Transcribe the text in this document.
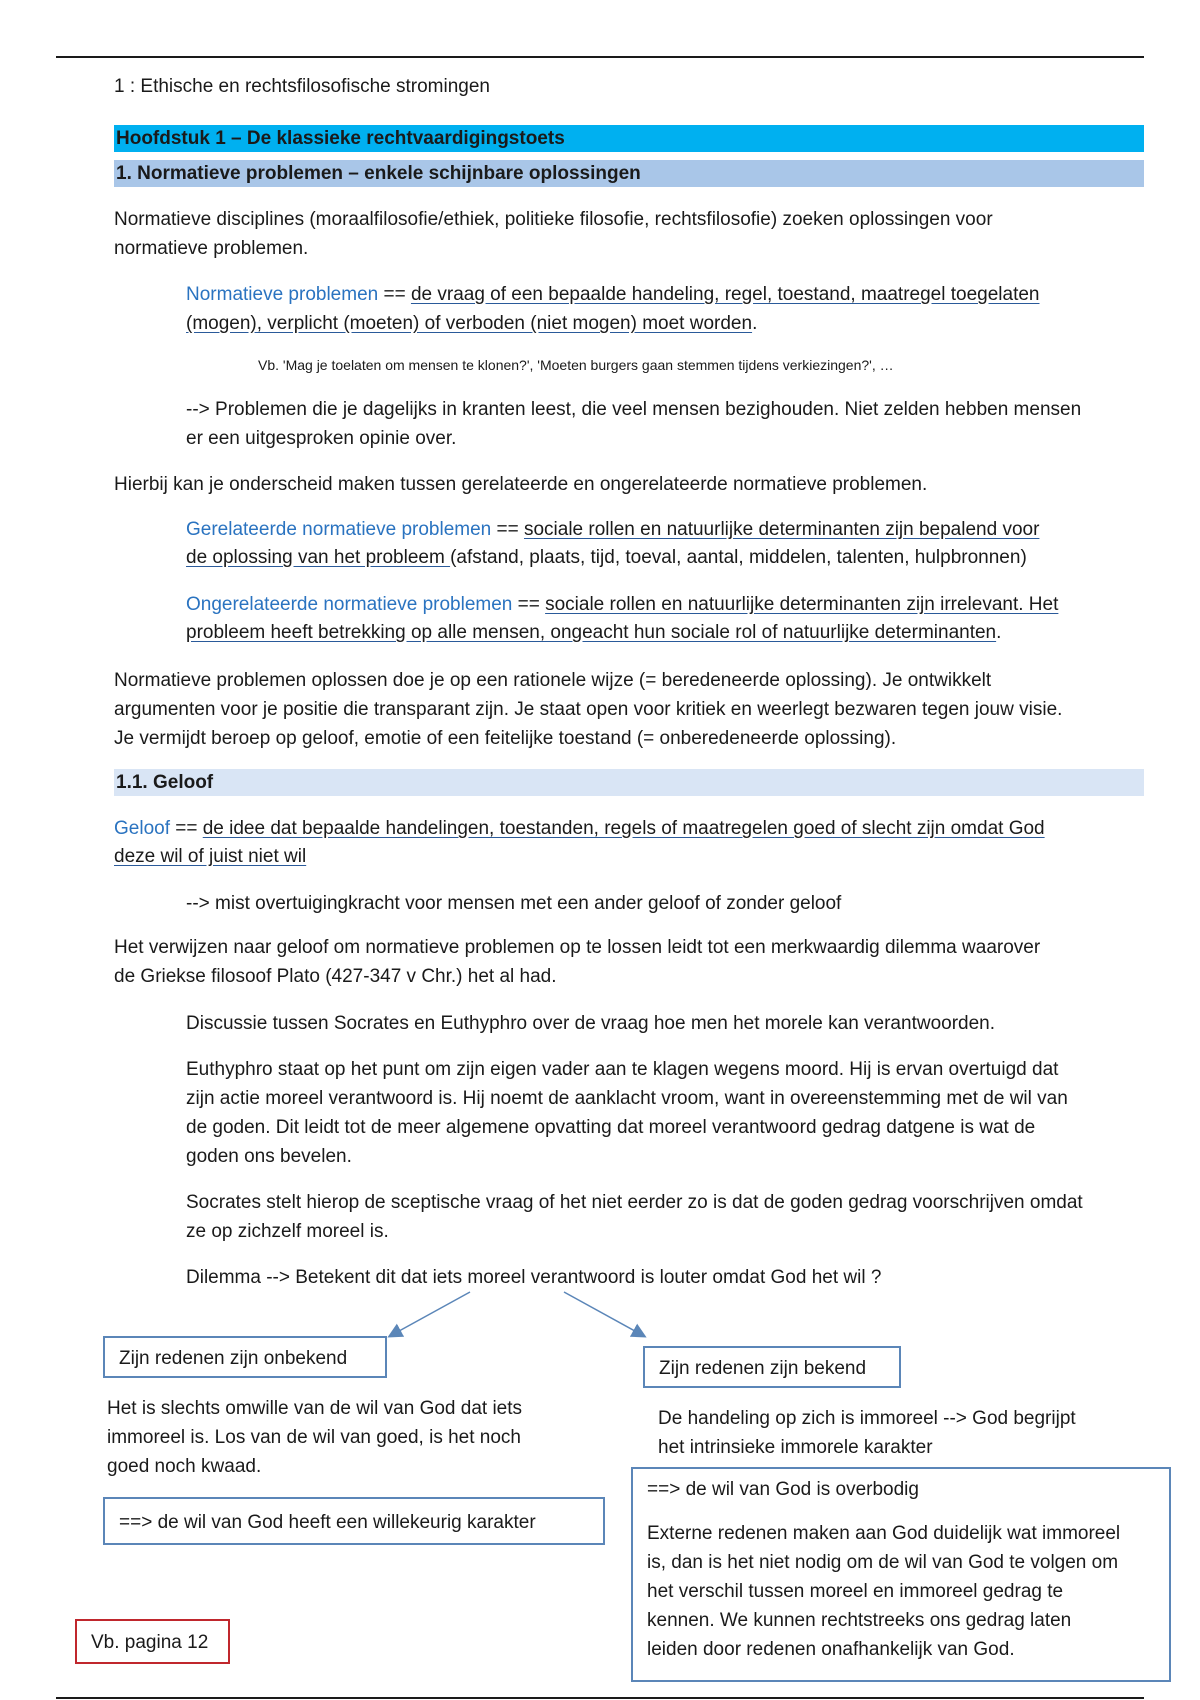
1 : Ethische en rechtsfilosofische stromingen
Hoofdstuk 1 – De klassieke rechtvaardigingstoets
1. Normatieve problemen – enkele schijnbare oplossingen
Normatieve disciplines (moraalfilosofie/ethiek, politieke filosofie, rechtsfilosofie) zoeken oplossingen voor
normatieve problemen.
Normatieve problemen == de vraag of een bepaalde handeling, regel, toestand, maatregel toegelaten
(mogen), verplicht (moeten) of verboden (niet mogen) moet worden.
Vb. 'Mag je toelaten om mensen te klonen?', 'Moeten burgers gaan stemmen tijdens verkiezingen?', …
--> Problemen die je dagelijks in kranten leest, die veel mensen bezighouden. Niet zelden hebben mensen
er een uitgesproken opinie over.
Hierbij kan je onderscheid maken tussen gerelateerde en ongerelateerde normatieve problemen.
Gerelateerde normatieve problemen == sociale rollen en natuurlijke determinanten zijn bepalend voor
de oplossing van het probleem (afstand, plaats, tijd, toeval, aantal, middelen, talenten, hulpbronnen)
Ongerelateerde normatieve problemen == sociale rollen en natuurlijke determinanten zijn irrelevant. Het
probleem heeft betrekking op alle mensen, ongeacht hun sociale rol of natuurlijke determinanten.
Normatieve problemen oplossen doe je op een rationele wijze (= beredeneerde oplossing). Je ontwikkelt
argumenten voor je positie die transparant zijn. Je staat open voor kritiek en weerlegt bezwaren tegen jouw visie.
Je vermijdt beroep op geloof, emotie of een feitelijke toestand (= onberedeneerde oplossing).
1.1. Geloof
Geloof == de idee dat bepaalde handelingen, toestanden, regels of maatregelen goed of slecht zijn omdat God
deze wil of juist niet wil
--> mist overtuigingkracht voor mensen met een ander geloof of zonder geloof
Het verwijzen naar geloof om normatieve problemen op te lossen leidt tot een merkwaardig dilemma waarover
de Griekse filosoof Plato (427-347 v Chr.) het al had.
Discussie tussen Socrates en Euthyphro over de vraag hoe men het morele kan verantwoorden.
Euthyphro staat op het punt om zijn eigen vader aan te klagen wegens moord. Hij is ervan overtuigd dat
zijn actie moreel verantwoord is. Hij noemt de aanklacht vroom, want in overeenstemming met de wil van
de goden. Dit leidt tot de meer algemene opvatting dat moreel verantwoord gedrag datgene is wat de
goden ons bevelen.
Socrates stelt hierop de sceptische vraag of het niet eerder zo is dat de goden gedrag voorschrijven omdat
ze op zichzelf moreel is.
Dilemma --> Betekent dit dat iets moreel verantwoord is louter omdat God het wil ?
Zijn redenen zijn onbekend
Het is slechts omwille van de wil van God dat iets
immoreel is. Los van de wil van goed, is het noch
goed noch kwaad.
==> de wil van God heeft een willekeurig karakter
Zijn redenen zijn bekend
De handeling op zich is immoreel --> God begrijpt
het intrinsieke immorele karakter
==> de wil van God is overbodig
Externe redenen maken aan God duidelijk wat immoreel
is, dan is het niet nodig om de wil van God te volgen om
het verschil tussen moreel en immoreel gedrag te
kennen. We kunnen rechtstreeks ons gedrag laten
leiden door redenen onafhankelijk van God.
Vb. pagina 12
